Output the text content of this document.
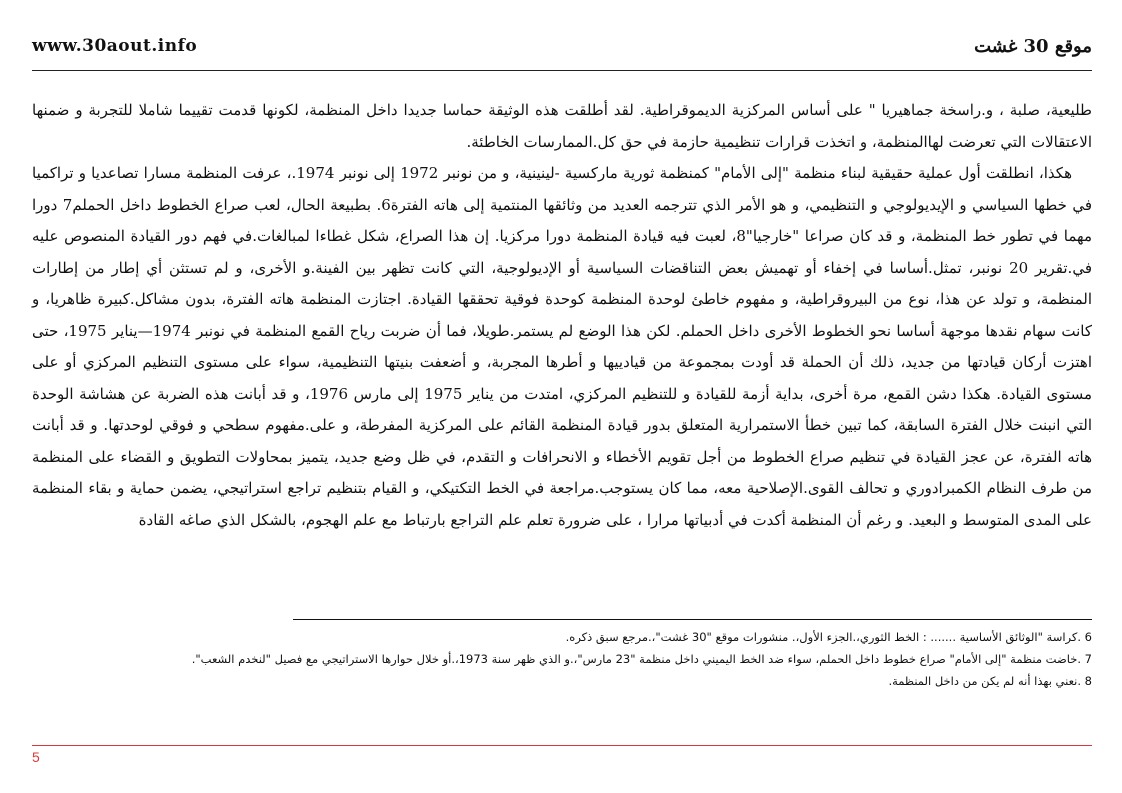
www.30aout.info	موقع 30 غشت

طليعية، صلبة ، و.راسخة جماهيريا " على أساس المركزية الديموقراطية. لقد أطلقت هذه الوثيقة حماسا جديدا داخل المنظمة، لكونها قدمت تقييما شاملا للتجربة و ضمنها الاعتقالات التي تعرضت لهاالمنظمة، و اتخذت قرارات تنظيمية حازمة في حق كل.الممارسات الخاطئة.

هكذا، انطلقت أول عملية حقيقية لبناء منظمة "إلى الأمام" كمنظمة ثورية ماركسية -لينينية، و من نونبر 1972 إلى نونبر 1974.، عرفت المنظمة مسارا تصاعديا و تراكميا في خطها السياسي و الإيديولوجي و التنظيمي، و هو الأمر الذي تترجمه العديد من وثائقها المنتمية إلى هاته الفترة6. بطبيعة الحال، لعب صراع الخطوط داخل الحملم7 دورا مهما في تطور خط المنظمة، و قد كان صراعا "خارجيا"8، لعبت فيه قيادة المنظمة دورا مركزيا. إن هذا الصراع، شكل غطاءا لمبالغات.في فهم دور القيادة المنصوص عليه في.تقرير 20 نونبر، تمثل.أساسا في إخفاء أو تهميش بعض التناقضات السياسية أو الإديولوجية، التي كانت تظهر بين الفينة.و الأخرى، و لم تستثن أي إطار من إطارات المنظمة، و تولد عن هذا، نوع من البيروقراطية، و مفهوم خاطئ لوحدة المنظمة كوحدة فوقية تحققها القيادة. اجتازت المنظمة هاته الفترة، بدون مشاكل.كبيرة ظاهريا، و كانت سهام نقدها موجهة أساسا نحو الخطوط الأخرى داخل الحملم. لكن هذا الوضع لم يستمر.طويلا، فما أن ضربت رياح القمع المنظمة في نونبر 1974—يناير 1975، حتى اهتزت أركان قيادتها من جديد، ذلك أن الحملة قد أودت بمجموعة من قيادييها و أطرها المجربة، و أضعفت بنيتها التنظيمية، سواء على مستوى التنظيم المركزي أو على مستوى القيادة. هكذا دشن القمع، مرة أخرى، بداية أزمة للقيادة و للتنظيم المركزي، امتدت من يناير 1975 إلى مارس 1976، و قد أبانت هذه الضربة عن هشاشة الوحدة التي انبنت خلال الفترة السابقة، كما تبين خطأ الاستمرارية المتعلق بدور قيادة المنظمة القائم على المركزية المفرطة، و على.مفهوم سطحي و فوقي لوحدتها. و قد أبانت هاته الفترة، عن عجز القيادة في تنظيم صراع الخطوط من أجل تقويم الأخطاء و الانحرافات و التقدم، في ظل وضع جديد، يتميز بمحاولات التطويق و القضاء على المنظمة من طرف النظام الكمبرادوري و تحالف القوى.الإصلاحية معه، مما كان يستوجب.مراجعة في الخط التكتيكي، و القيام بتنظيم تراجع استراتيجي، يضمن حماية و بقاء المنظمة على المدى المتوسط و البعيد. و رغم أن المنظمة أكدت في أدبياتها مرارا ، على ضرورة تعلم علم التراجع بارتباط مع علم الهجوم، بالشكل الذي صاغه القادة

6 .كراسة "الوثائق الأساسية ....... : الخط الثوري،.الجزء الأول،. منشورات موقع "30 غشت"،.مرجع سبق ذكره.

7 .خاضت منظمة "إلى الأمام" صراع خطوط داخل الحملم، سواء ضد الخط اليميني داخل منظمة "23 مارس"،.و الذي ظهر سنة 1973،.أو خلال حوارها الاستراتيجي مع فصيل "لنخدم الشعب".

8 .نعني بهذا أنه لم يكن من داخل المنظمة.

5
